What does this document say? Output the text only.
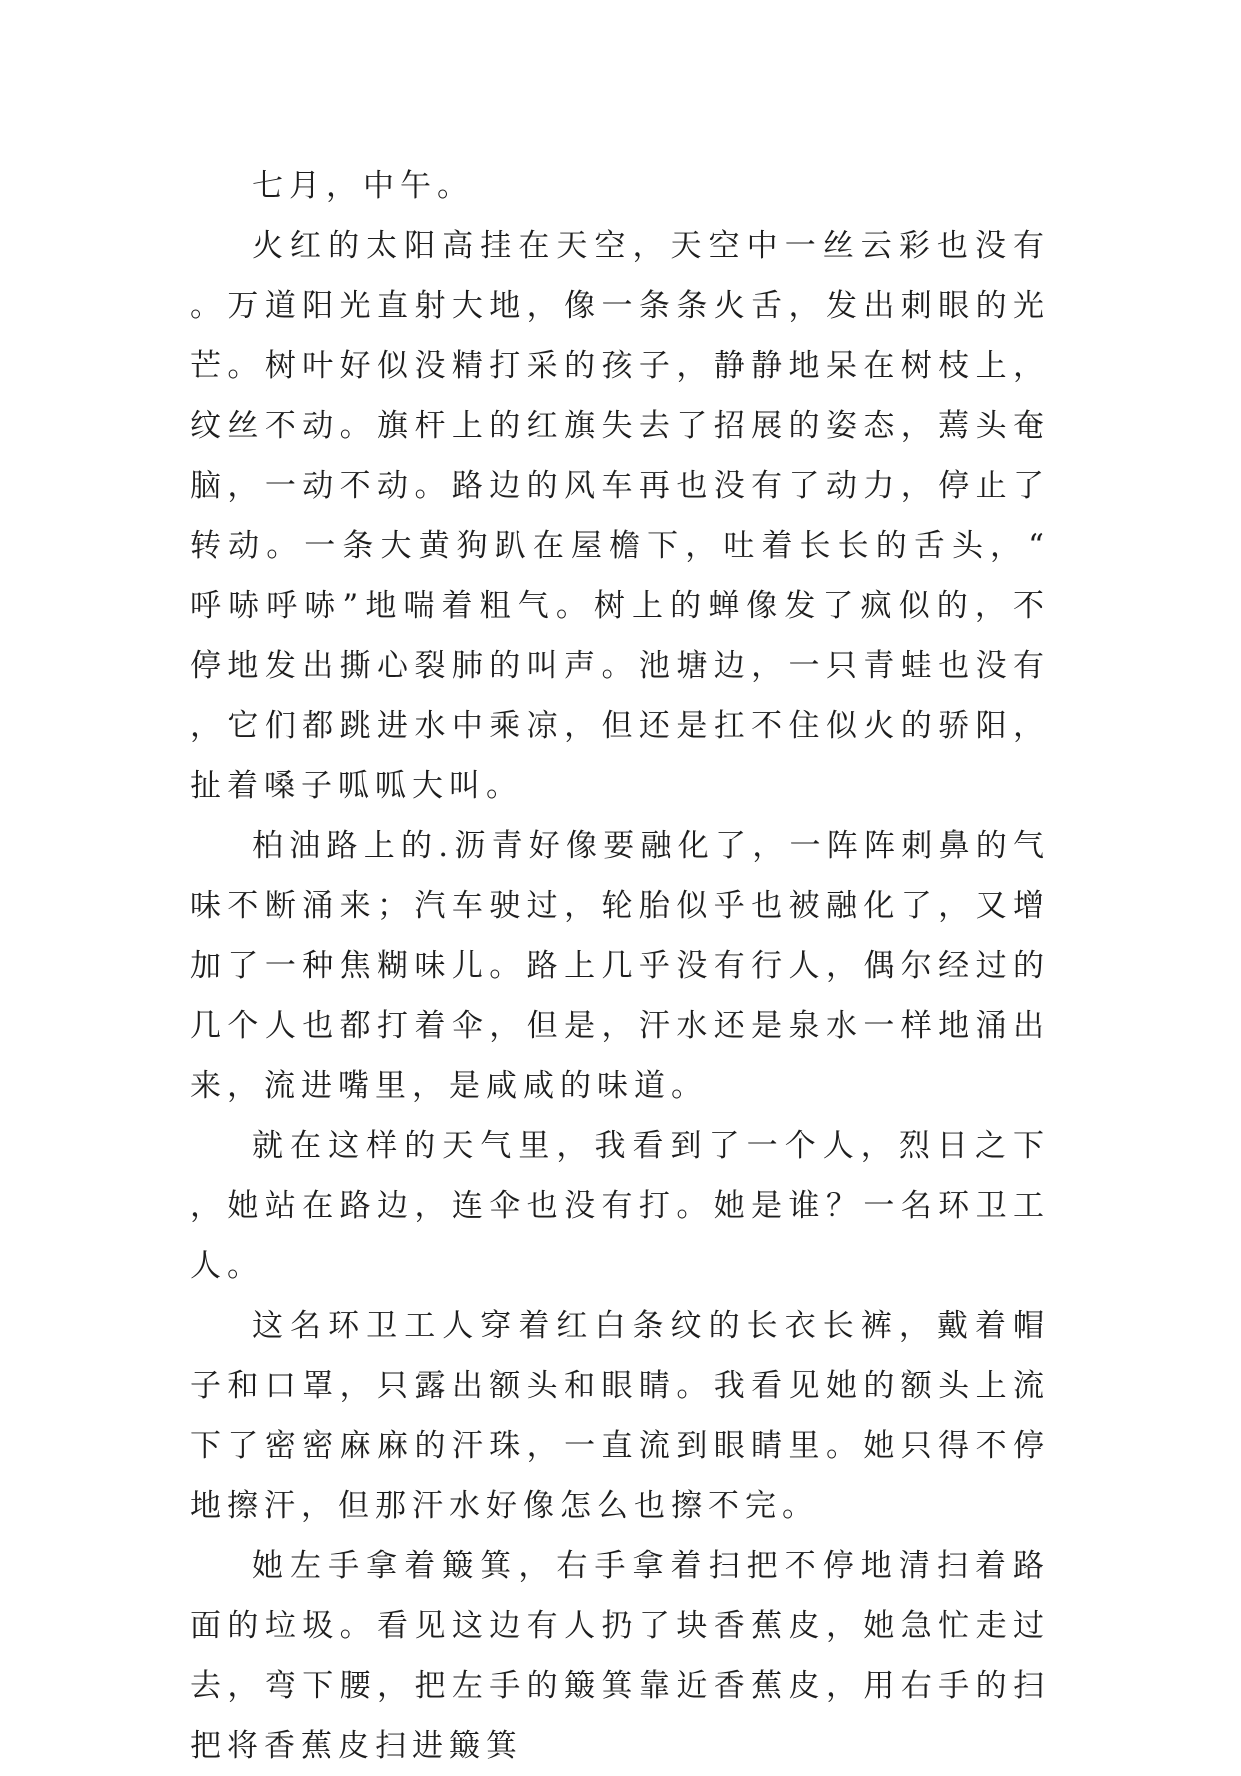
七月，中午。

火红的太阳高挂在天空，天空中一丝云彩也没有。万道阳光直射大地，像一条条火舌，发出刺眼的光芒。树叶好似没精打采的孩子，静静地呆在树枝上，纹丝不动。旗杆上的红旗失去了招展的姿态，蔫头奄脑，一动不动。路边的风车再也没有了动力，停止了转动。一条大黄狗趴在屋檐下，吐着长长的舌头，“呼哧呼哧”地喘着粗气。树上的蝉像发了疯似的，不停地发出撕心裂肺的叫声。池塘边，一只青蛙也没有，它们都跳进水中乘凉，但还是扛不住似火的骄阳，扯着嗓子呱呱大叫。

柏油路上的.沥青好像要融化了，一阵阵刺鼻的气味不断涌来；汽车驶过，轮胎似乎也被融化了，又增加了一种焦糊味儿。路上几乎没有行人，偶尔经过的几个人也都打着伞，但是，汗水还是泉水一样地涌出来，流进嘴里，是咸咸的味道。

就在这样的天气里，我看到了一个人，烈日之下，她站在路边，连伞也没有打。她是谁？一名环卫工人。

这名环卫工人穿着红白条纹的长衣长裤，戴着帽子和口罩，只露出额头和眼睛。我看见她的额头上流下了密密麻麻的汗珠，一直流到眼睛里。她只得不停地擦汗，但那汗水好像怎么也擦不完。

她左手拿着簸箕，右手拿着扫把不停地清扫着路面的垃圾。看见这边有人扔了块香蕉皮，她急忙走过去，弯下腰，把左手的簸箕靠近香蕉皮，用右手的扫把将香蕉皮扫进簸箕
